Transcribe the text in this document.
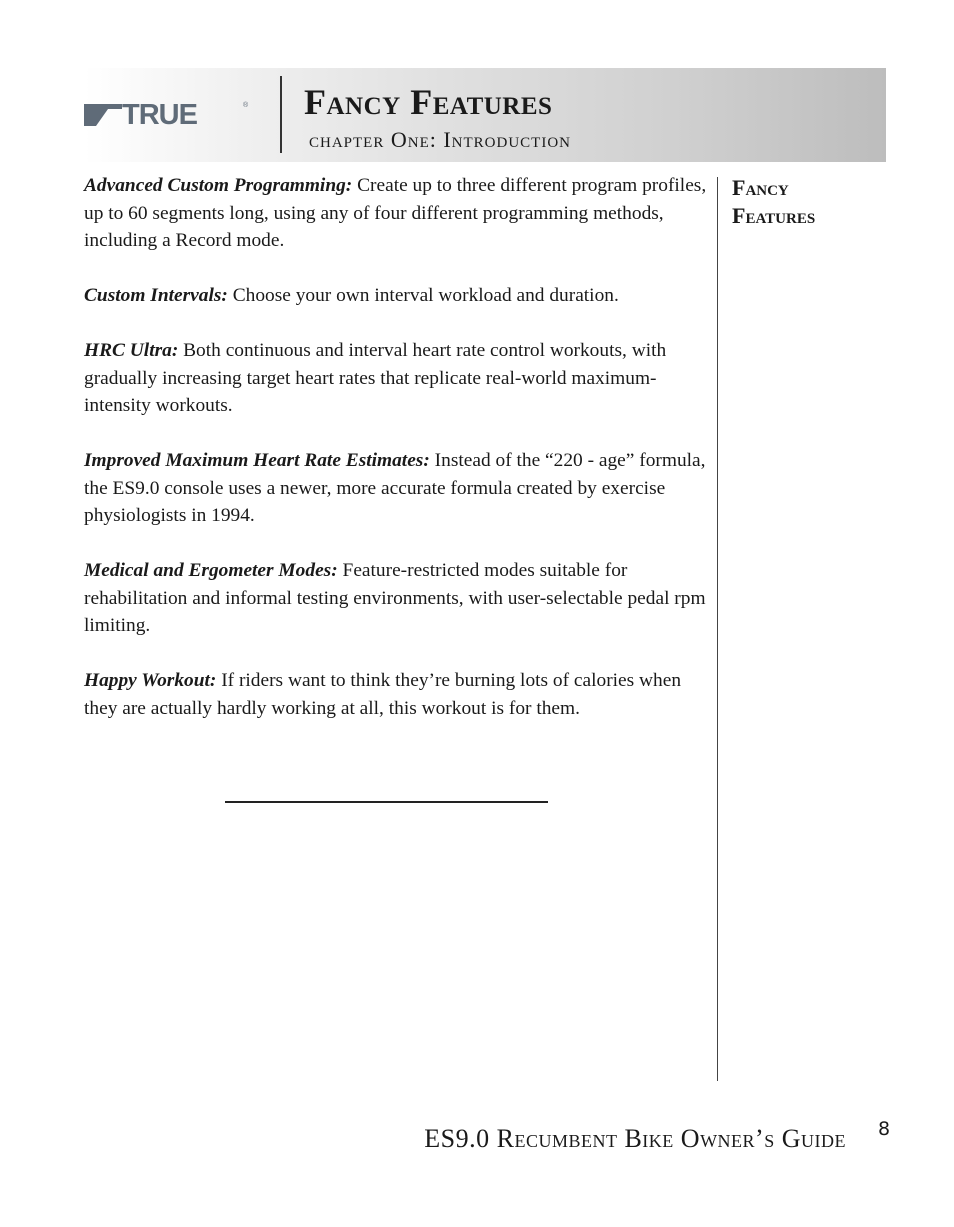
TRUE	® Fancy Features
chapter One: Introduction

Advanced Custom Programming: Create up to three different program profiles, up to 60 segments long, using any of four different programming methods, including a Record mode.

Custom Intervals: Choose your own interval workload and duration.

HRC Ultra: Both continuous and interval heart rate control workouts, with gradually increasing target heart rates that replicate real-world maximum-intensity workouts.

Improved Maximum Heart Rate Estimates: Instead of the “220 - age” formula, the ES9.0 console uses a newer, more accurate formula created by exercise physiologists in 1994.

Medical and Ergometer Modes: Feature-restricted modes suitable for rehabilitation and informal testing environments, with user-selectable pedal rpm limiting.

Happy Workout: If riders want to think they’re burning lots of calories when they are actually hardly working at all, this workout is for them.

Fancy Features
ES9.0 Recumbent Bike Owner’s Guide 8
